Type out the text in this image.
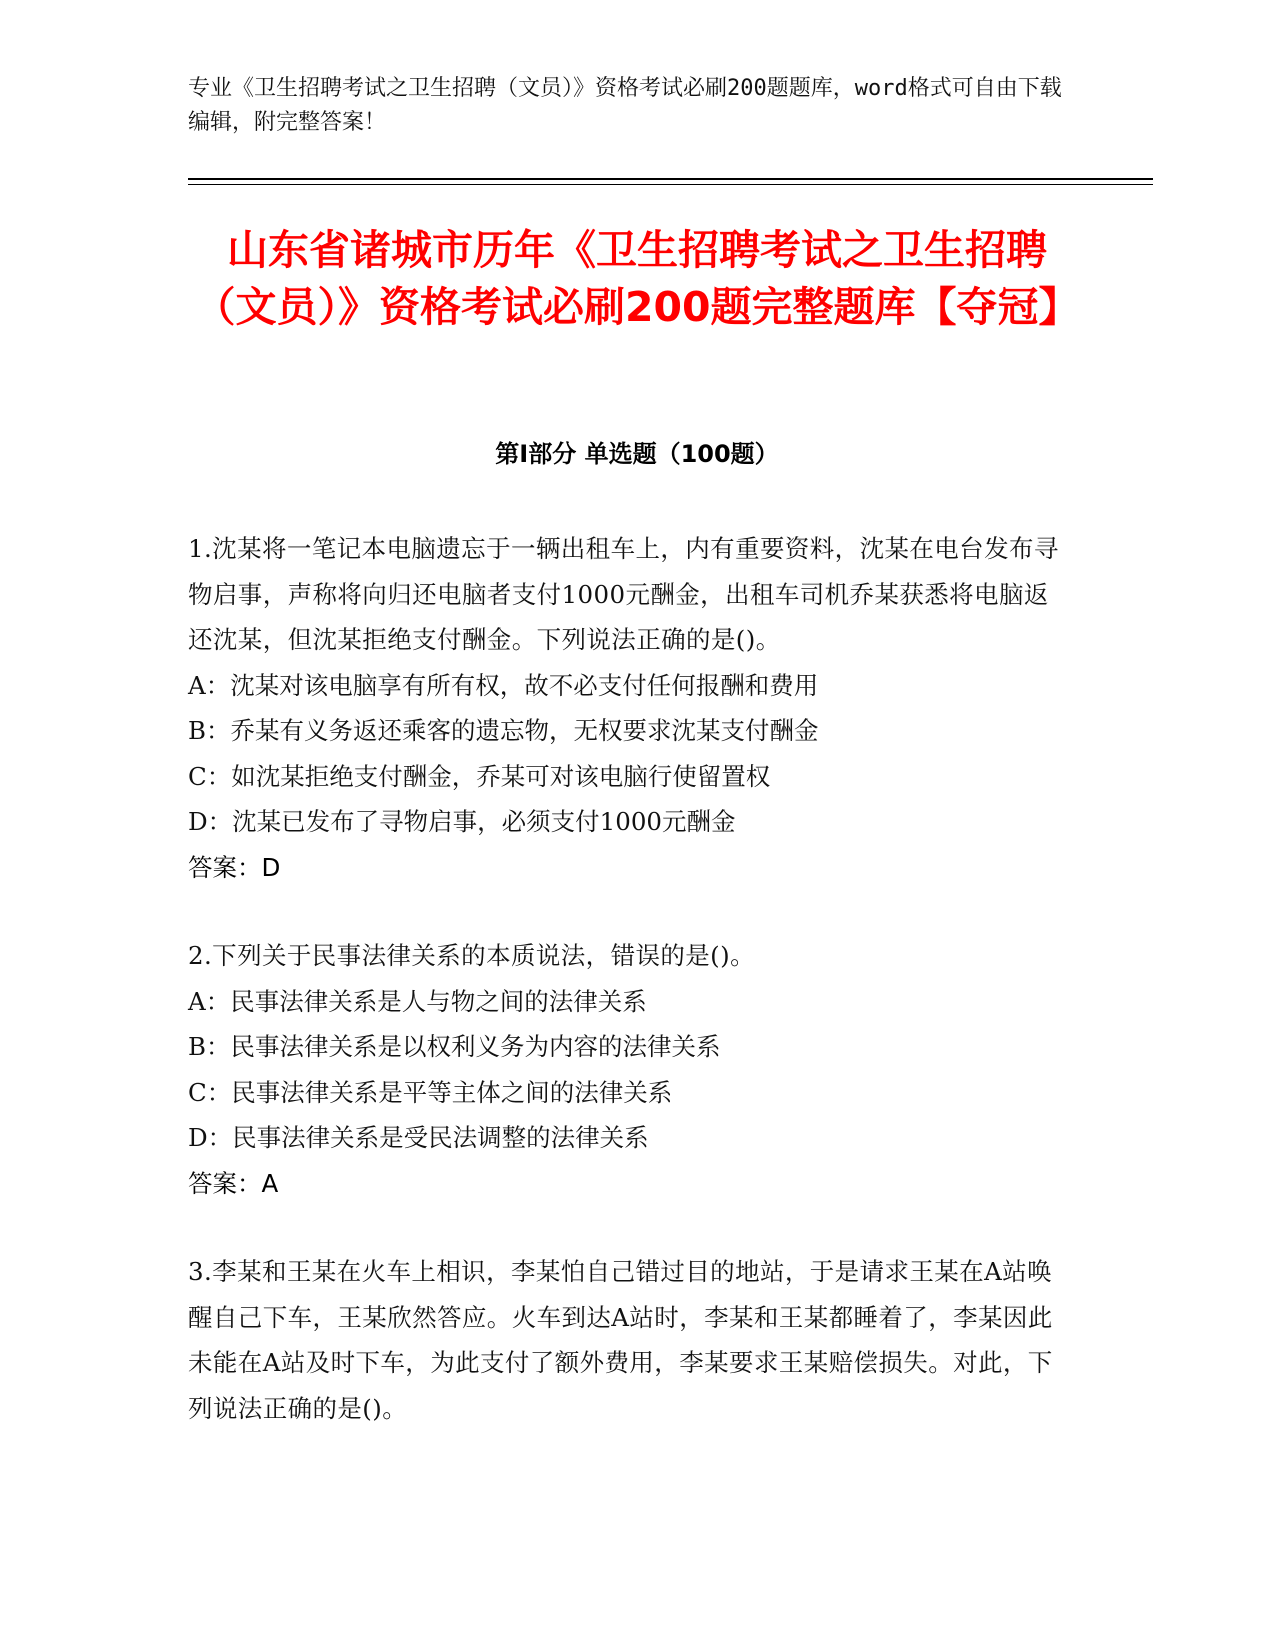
专业《卫生招聘考试之卫生招聘（文员）》资格考试必刷200题题库，word格式可自由下载编辑，附完整答案！
山东省诸城市历年《卫生招聘考试之卫生招聘（文员）》资格考试必刷200题完整题库【夺冠】
第I部分 单选题（100题）
1.沈某将一笔记本电脑遗忘于一辆出租车上，内有重要资料，沈某在电台发布寻物启事，声称将向归还电脑者支付1000元酬金，出租车司机乔某获悉将电脑返还沈某，但沈某拒绝支付酬金。下列说法正确的是()。
A：沈某对该电脑享有所有权，故不必支付任何报酬和费用
B：乔某有义务返还乘客的遗忘物，无权要求沈某支付酬金
C：如沈某拒绝支付酬金，乔某可对该电脑行使留置权
D：沈某已发布了寻物启事，必须支付1000元酬金
答案：D
2.下列关于民事法律关系的本质说法，错误的是()。
A：民事法律关系是人与物之间的法律关系
B：民事法律关系是以权利义务为内容的法律关系
C：民事法律关系是平等主体之间的法律关系
D：民事法律关系是受民法调整的法律关系
答案：A
3.李某和王某在火车上相识，李某怕自己错过目的地站，于是请求王某在A站唤醒自己下车，王某欣然答应。火车到达A站时，李某和王某都睡着了，李某因此未能在A站及时下车，为此支付了额外费用，李某要求王某赔偿损失。对此，下列说法正确的是()。
